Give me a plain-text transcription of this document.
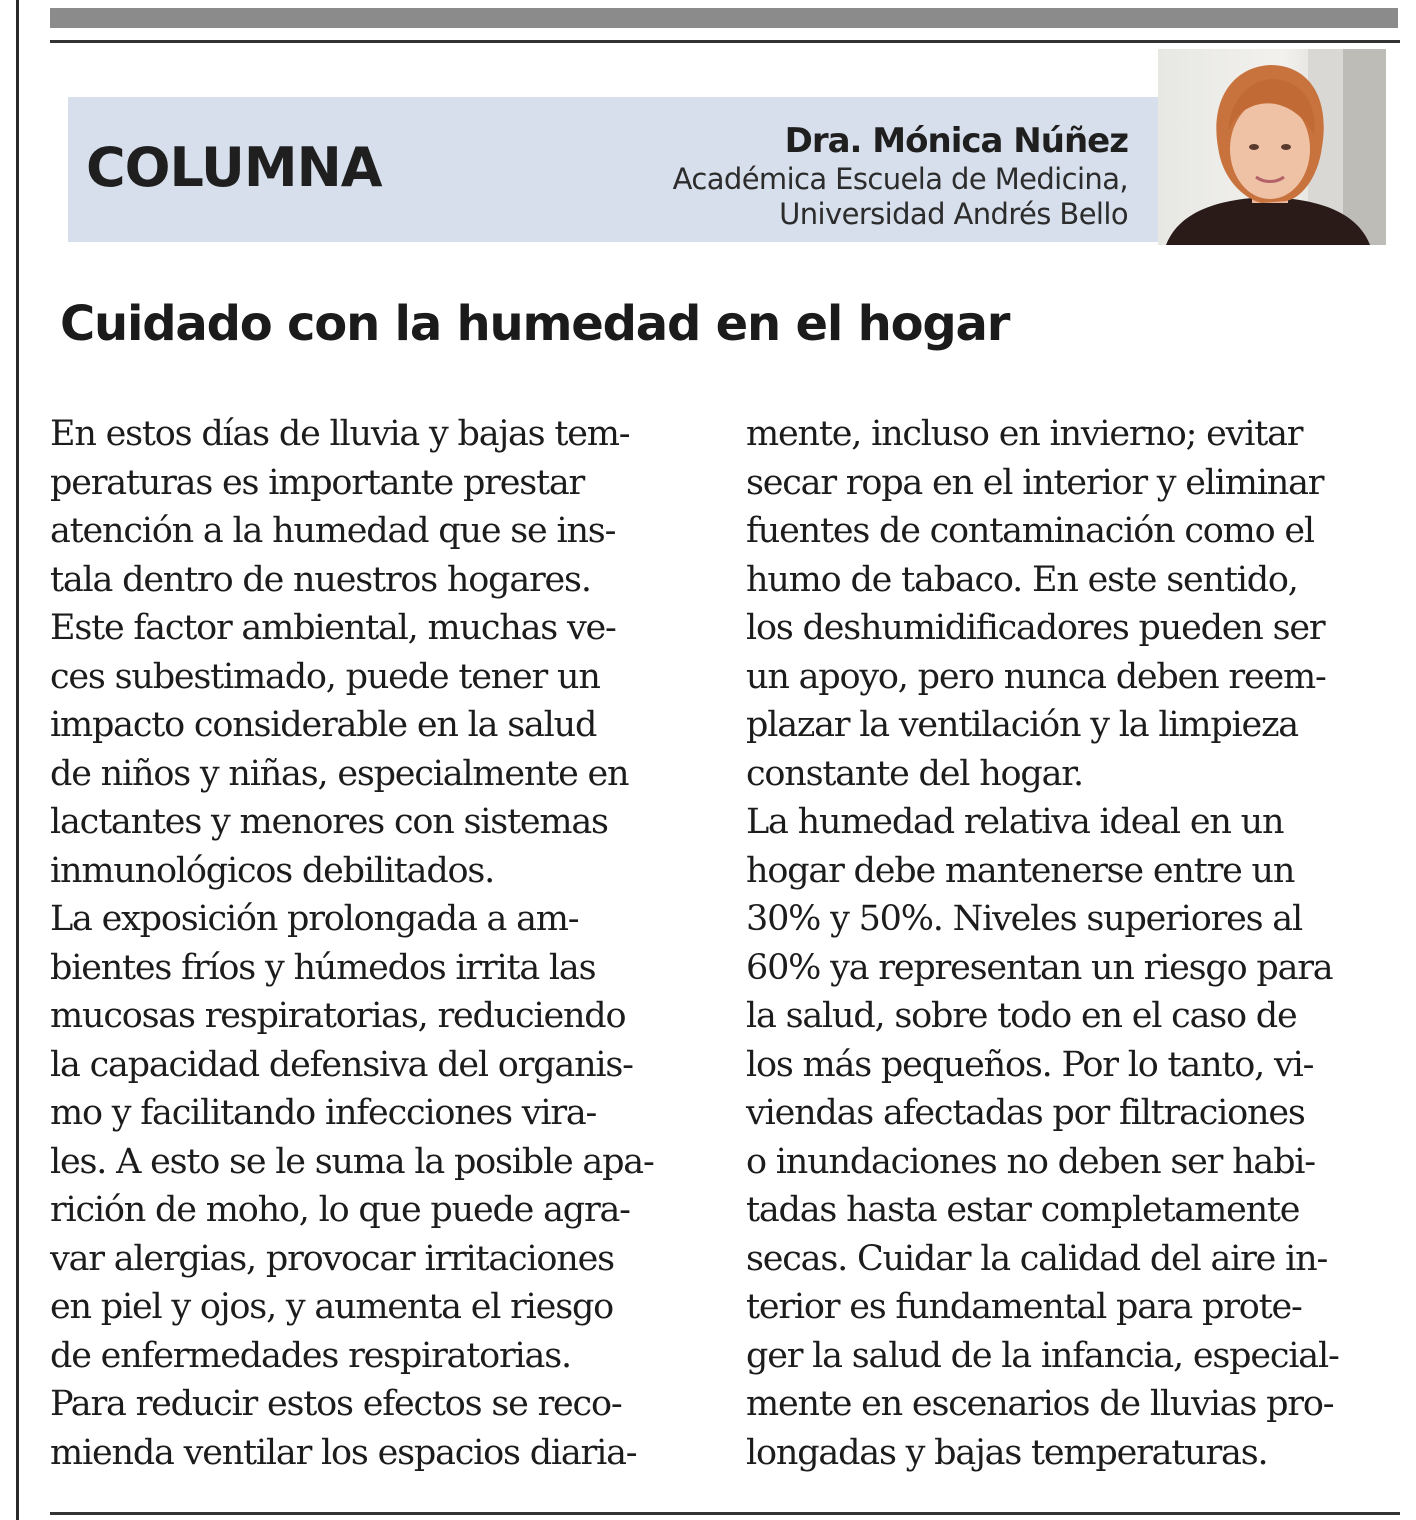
COLUMNA	Dra. Mónica Núñez
Académica Escuela de Medicina,
Universidad Andrés Bello
Cuidado con la humedad en el hogar
En estos días de lluvia y bajas tem-
peraturas es importante prestar
atención a la humedad que se ins-
tala dentro de nuestros hogares.
Este factor ambiental, muchas ve-
ces subestimado, puede tener un
impacto considerable en la salud
de niños y niñas, especialmente en
lactantes y menores con sistemas
inmunológicos debilitados.
La exposición prolongada a am-
bientes fríos y húmedos irrita las
mucosas respiratorias, reduciendo
la capacidad defensiva del organis-
mo y facilitando infecciones vira-
les. A esto se le suma la posible apa-
rición de moho, lo que puede agra-
var alergias, provocar irritaciones
en piel y ojos, y aumenta el riesgo
de enfermedades respiratorias.
Para reducir estos efectos se reco-
mienda ventilar los espacios diaria-
mente, incluso en invierno; evitar
secar ropa en el interior y eliminar
fuentes de contaminación como el
humo de tabaco. En este sentido,
los deshumidificadores pueden ser
un apoyo, pero nunca deben reem-
plazar la ventilación y la limpieza
constante del hogar.
La humedad relativa ideal en un
hogar debe mantenerse entre un
30% y 50%. Niveles superiores al
60% ya representan un riesgo para
la salud, sobre todo en el caso de
los más pequeños. Por lo tanto, vi-
viendas afectadas por filtraciones
o inundaciones no deben ser habi-
tadas hasta estar completamente
secas. Cuidar la calidad del aire in-
terior es fundamental para prote-
ger la salud de la infancia, especial-
mente en escenarios de lluvias pro-
longadas y bajas temperaturas.
